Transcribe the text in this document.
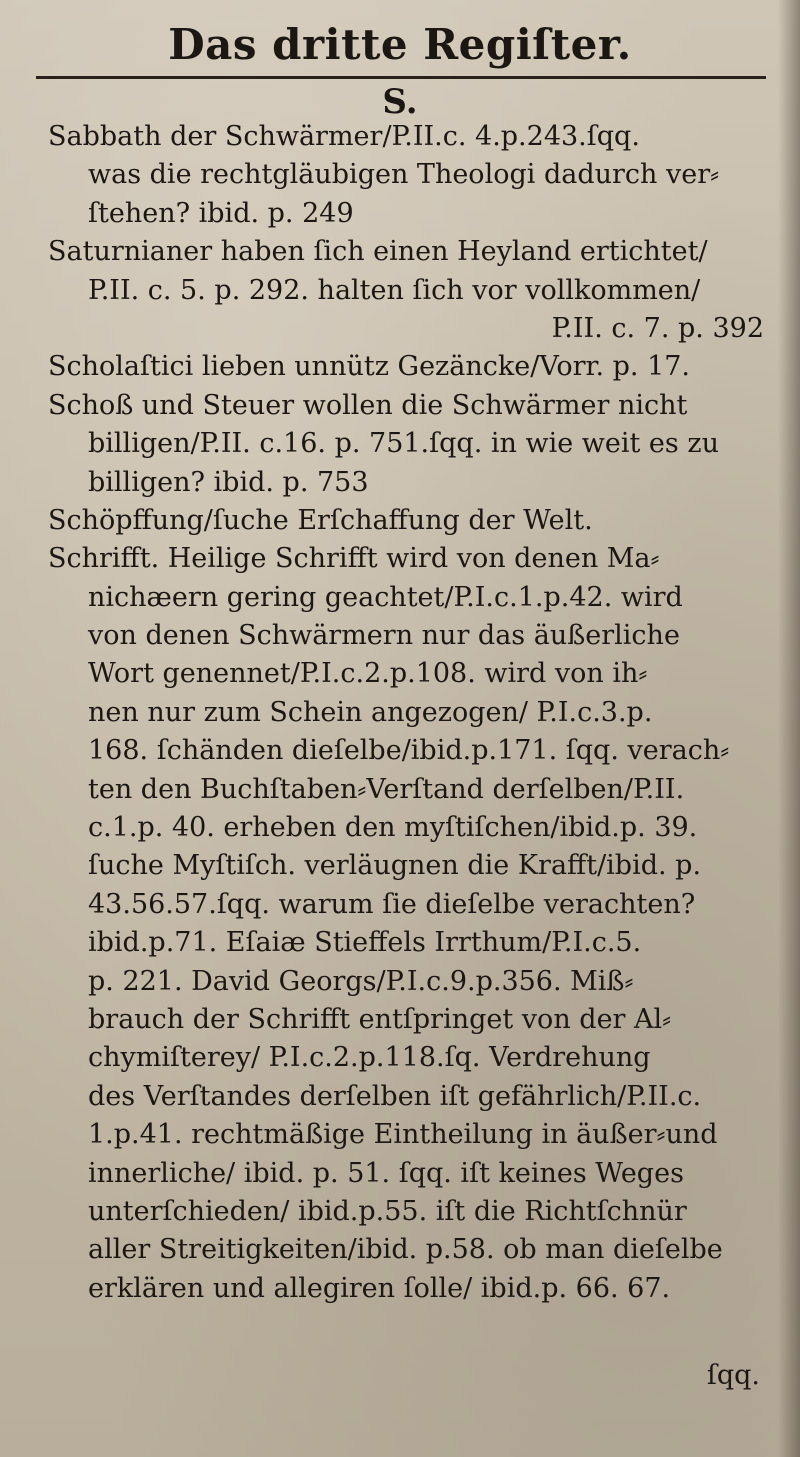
Das dritte Regiſter.
S.
Sabbath der Schwärmer/P.II.c. 4.p.243.ſqq.
was die rechtgläubigen Theologi dadurch ver⸗
ſtehen? ibid. p. 249
Saturnianer haben ſich einen Heyland ertichtet/
P.II. c. 5. p. 292. halten ſich vor vollkommen/
P.II. c. 7. p. 392
Scholaſtici lieben unnütz Gezäncke/Vorr. p. 17.
Schoß und Steuer wollen die Schwärmer nicht
billigen/P.II. c.16. p. 751.ſqq. in wie weit es zu
billigen? ibid. p. 753
Schöpffung/ſuche Erſchaffung der Welt.
Schrifft. Heilige Schrifft wird von denen Ma⸗
nichæern gering geachtet/P.I.c.1.p.42. wird
von denen Schwärmern nur das äußerliche
Wort genennet/P.I.c.2.p.108. wird von ih⸗
nen nur zum Schein angezogen/ P.I.c.3.p.
168. ſchänden dieſelbe/ibid.p.171. ſqq. verach⸗
ten den Buchſtaben⸗Verſtand derſelben/P.II.
c.1.p. 40. erheben den myſtiſchen/ibid.p. 39.
ſuche Myſtiſch. verläugnen die Krafft/ibid. p.
43.56.57.ſqq. warum ſie dieſelbe verachten?
ibid.p.71. Eſaiæ Stieffels Irrthum/P.I.c.5.
p. 221. David Georgs/P.I.c.9.p.356. Miß⸗
brauch der Schrifft entſpringet von der Al⸗
chymiſterey/ P.I.c.2.p.118.ſq. Verdrehung
des Verſtandes derſelben iſt gefährlich/P.II.c.
1.p.41. rechtmäßige Eintheilung in äußer⸗und
innerliche/ ibid. p. 51. ſqq. iſt keines Weges
unterſchieden/ ibid.p.55. iſt die Richtſchnür
aller Streitigkeiten/ibid. p.58. ob man dieſelbe
erklären und allegiren ſolle/ ibid.p. 66. 67.
ſqq.
